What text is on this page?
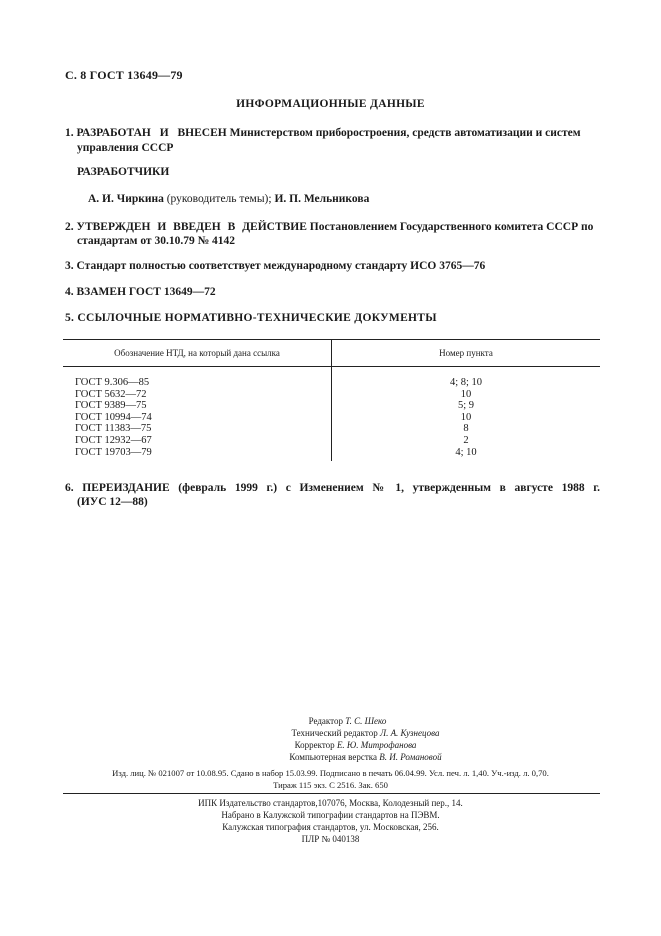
С. 8 ГОСТ 13649—79
ИНФОРМАЦИОННЫЕ ДАННЫЕ
1. РАЗРАБОТАН И ВНЕСЕН Министерством приборостроения, средств автоматизации и систем
управления СССР
РАЗРАБОТЧИКИ
А. И. Чиркина (руководитель темы); И. П. Мельникова
2. УТВЕРЖДЕН И ВВЕДЕН В ДЕЙСТВИЕ Постановлением Государственного комитета СССР по
стандартам от 30.10.79 № 4142
3. Стандарт полностью соответствует международному стандарту ИСО 3765—76
4. ВЗАМЕН ГОСТ 13649—72
5. ССЫЛОЧНЫЕ НОРМАТИВНО-ТЕХНИЧЕСКИЕ ДОКУМЕНТЫ
Обозначение НТД, на который дана ссылка	Номер пункта
ГОСТ 9.306—85
ГОСТ 5632—72
ГОСТ 9389—75
ГОСТ 10994—74
ГОСТ 11383—75
ГОСТ 12932—67
ГОСТ 19703—79
4; 8; 10
10
5; 9
10
8
2
4; 10
6. ПЕРЕИЗДАНИЕ (февраль 1999 г.) с Изменением № 1, утвержденным в августе 1988 г.
(ИУС 12—88)
Редактор Т. С. Шеко
Технический редактор Л. А. Кузнецова
Корректор Е. Ю. Митрофанова
Компьютерная верстка В. И. Романовой
Изд. лиц. № 021007 от 10.08.95. Сдано в набор 15.03.99. Подписано в печать 06.04.99. Усл. печ. л. 1,40. Уч.-изд. л. 0,70.
Тираж 115 экз. С 2516. Зак. 650
ИПК Издательство стандартов,107076, Москва, Колодезный пер., 14.
Набрано в Калужской типографии стандартов на ПЭВМ.
Калужская типография стандартов, ул. Московская, 256.
ПЛР № 040138
